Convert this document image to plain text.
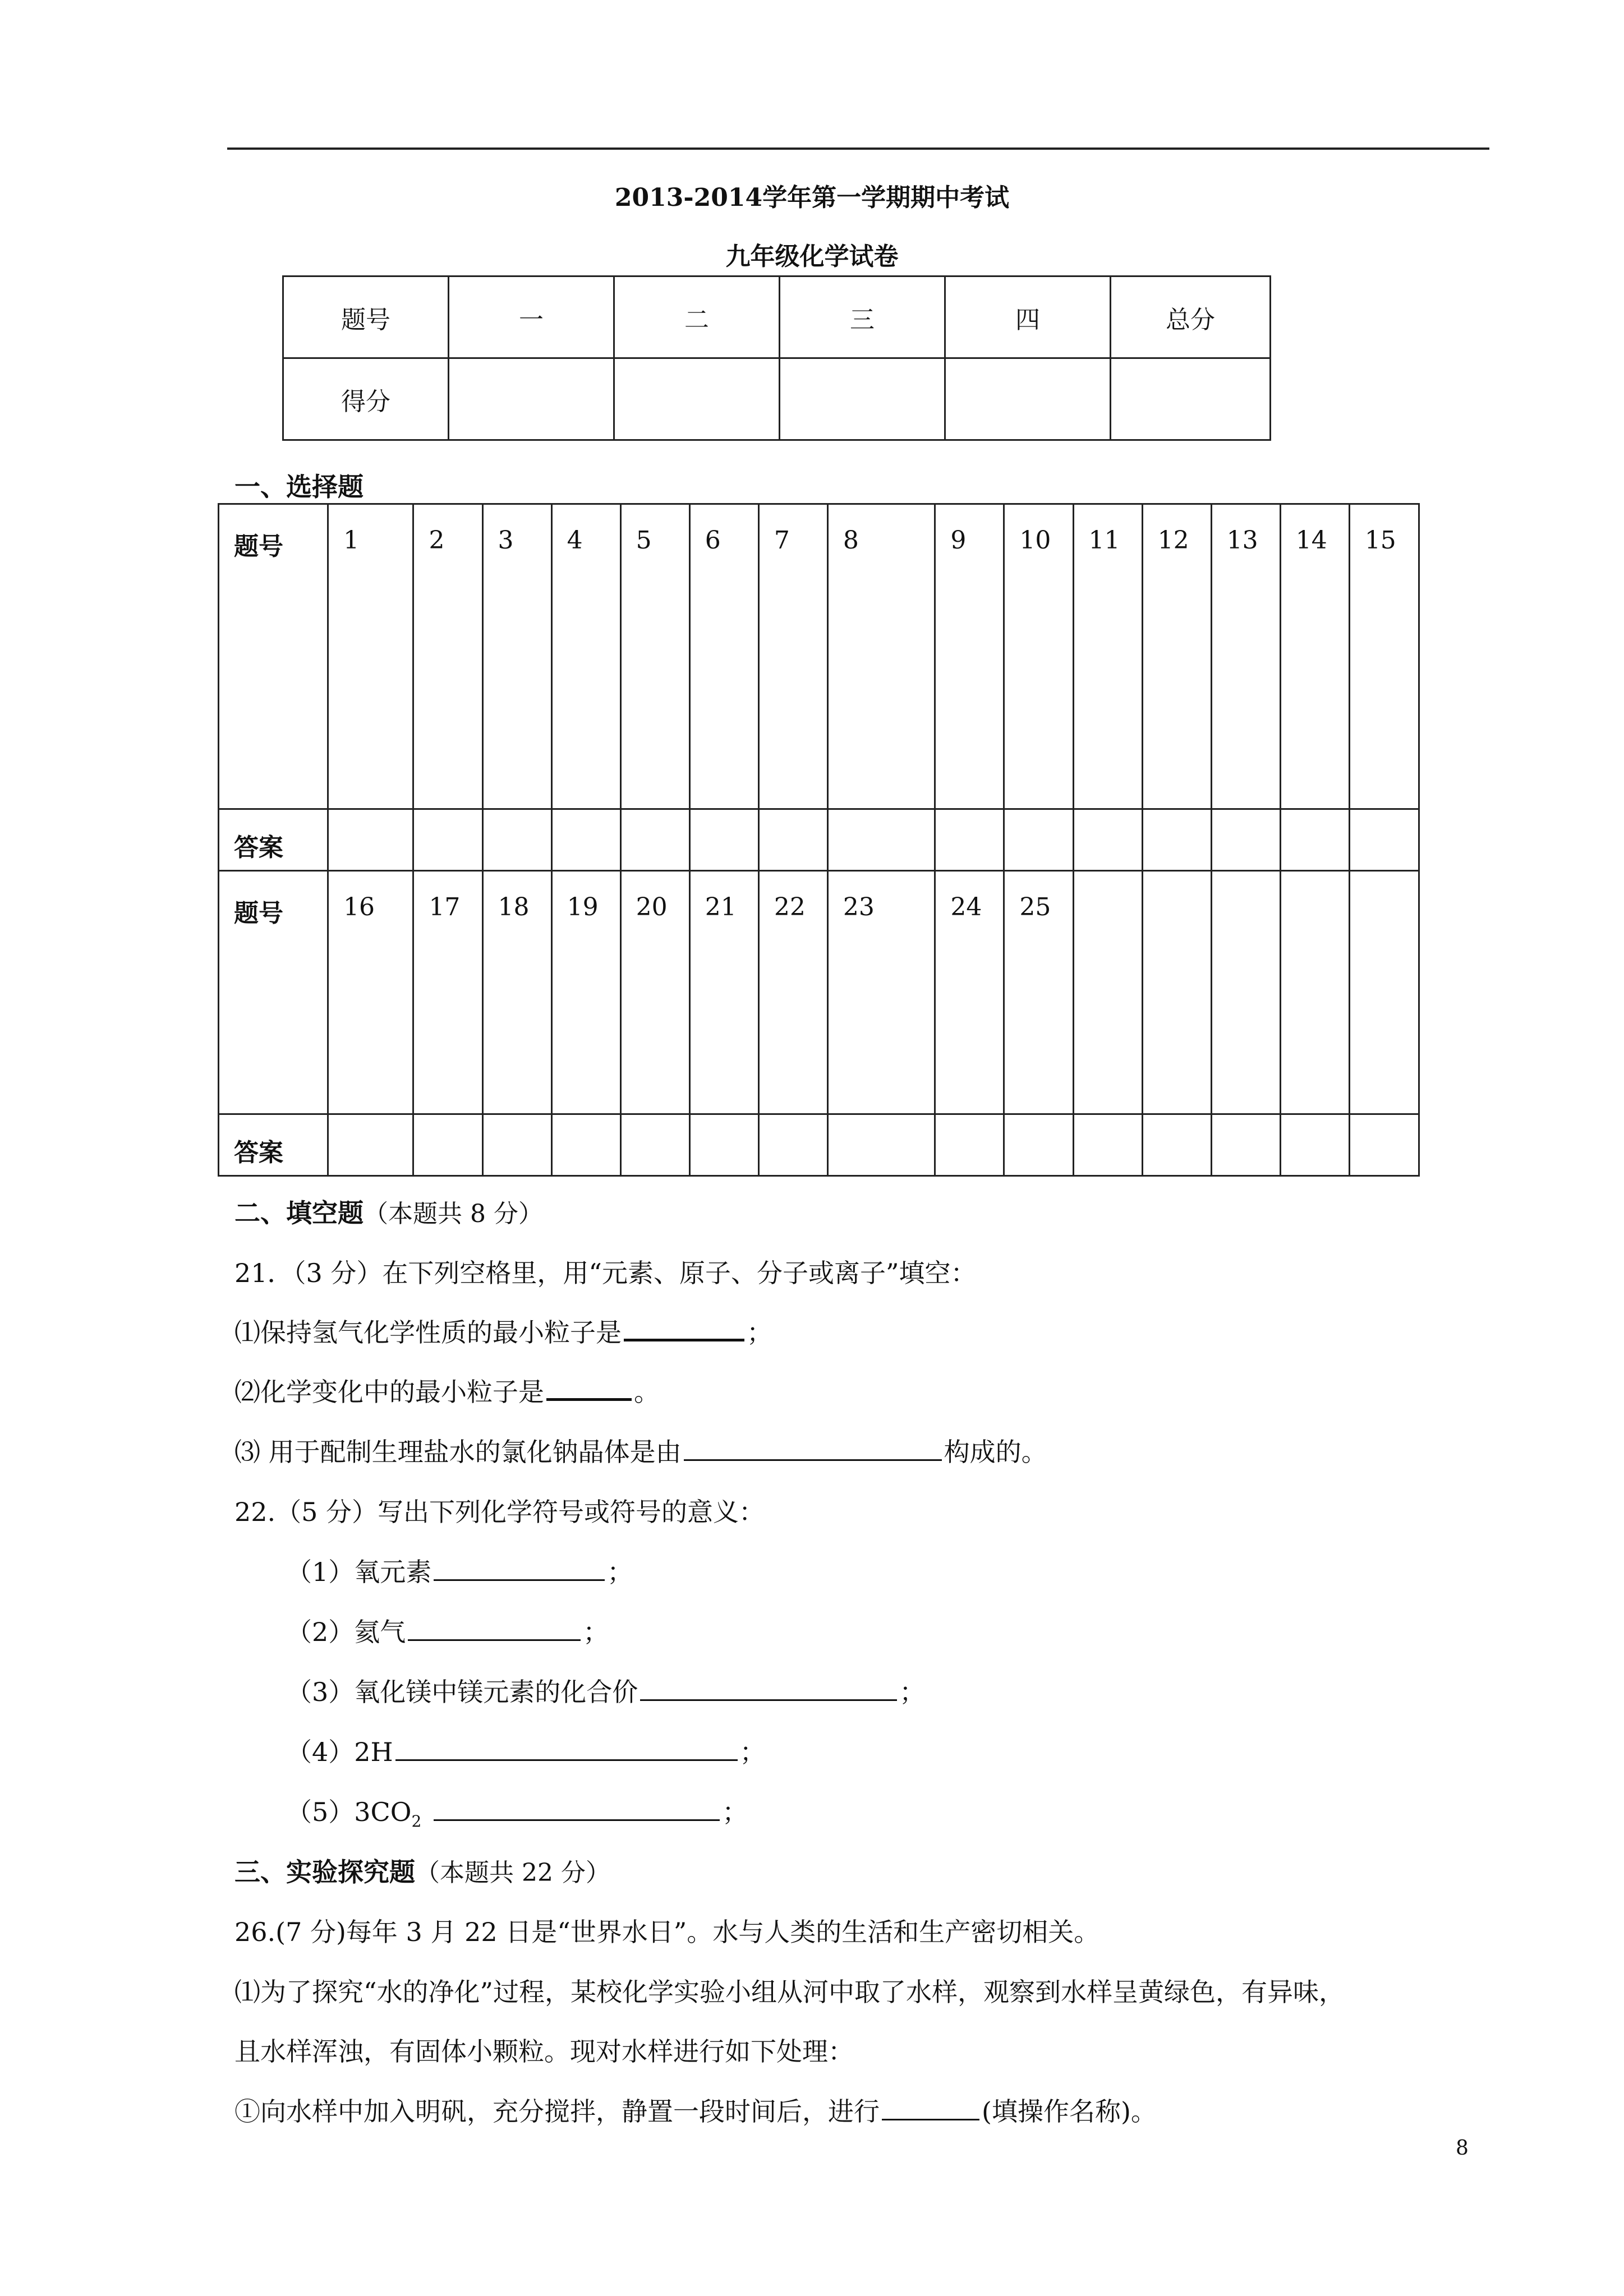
2013-2014学年第一学期期中考试
九年级化学试卷
题号	一	二	三	四	总分
得分					
一、选择题
题号	1	2	3	4	5	6	7	8	9	10	11	12	13	14	15
答案															
题号	16	17	18	19	20	21	22	23	24	25					
答案															
二、填空题（本题共 8 分）
21．（3 分）在下列空格里，用“元素、原子、分子或离子”填空：
⑴保持氢气化学性质的最小粒子是	；
⑵化学变化中的最小粒子是	。
⑶ 用于配制生理盐水的氯化钠晶体是由	构成的。
22.（5 分）写出下列化学符号或符号的意义：
（1）氧元素	；
（2）氦气	；
（3）氧化镁中镁元素的化合价	；
（4）2H	；
$(5)3CO_2$	；
三、实验探究题（本题共 22 分）
26.(7 分)每年 3 月 22 日是“世界水日”。水与人类的生活和生产密切相关。
⑴为了探究“水的净化”过程，某校化学实验小组从河中取了水样，观察到水样呈黄绿色，有异味，
且水样浑浊，有固体小颗粒。现对水样进行如下处理：
①向水样中加入明矾，充分搅拌，静置一段时间后，进行	(填操作名称)。
8
